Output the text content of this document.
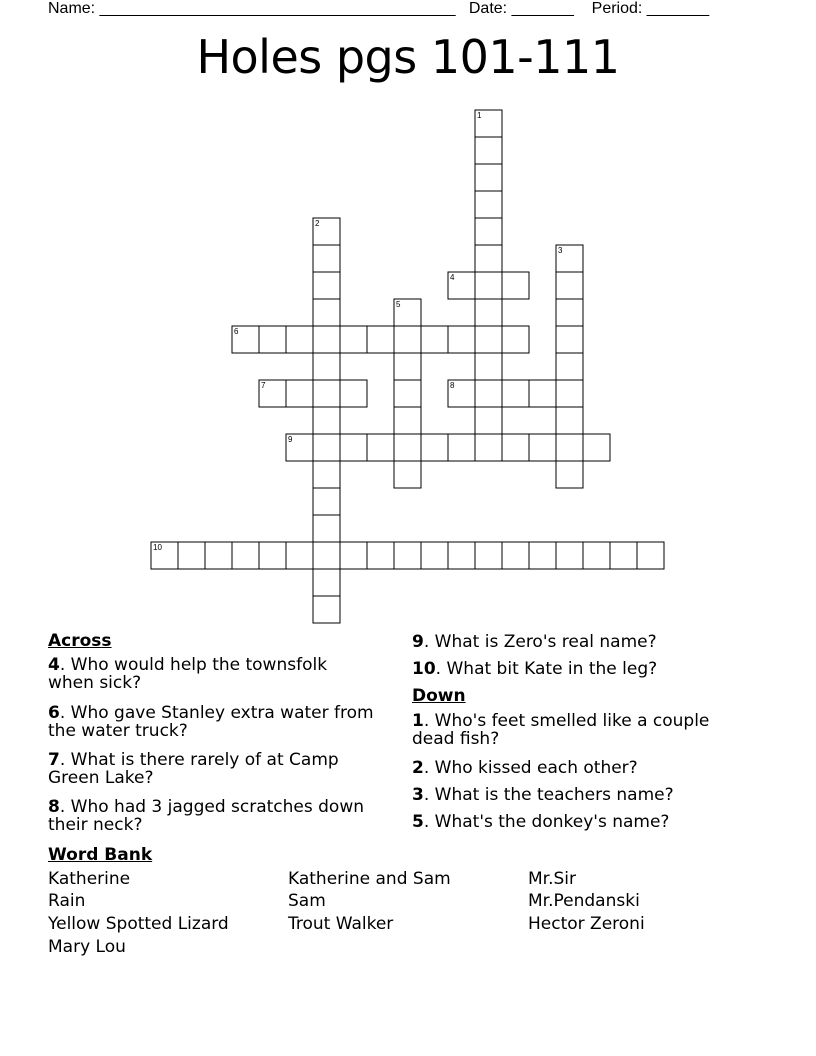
Name: ________________________________________ Date: _______ Period: _______
Holes pgs 101-111
1
2
3
4
5
6
7	8
9
10
Across
4. Who would help the townsfolk when sick?
6. Who gave Stanley extra water from the water truck?
7. What is there rarely of at Camp Green Lake?
8. Who had 3 jagged scratches down their neck?
9. What is Zero's real name?
10. What bit Kate in the leg?
Down
1. Who's feet smelled like a couple dead fish?
2. Who kissed each other?
3. What is the teachers name?
5. What's the donkey's name?
Word Bank
Katherine
Rain
Yellow Spotted Lizard
Mary Lou
Katherine and Sam
Sam
Trout Walker
Mr.Sir
Mr.Pendanski
Hector Zeroni
